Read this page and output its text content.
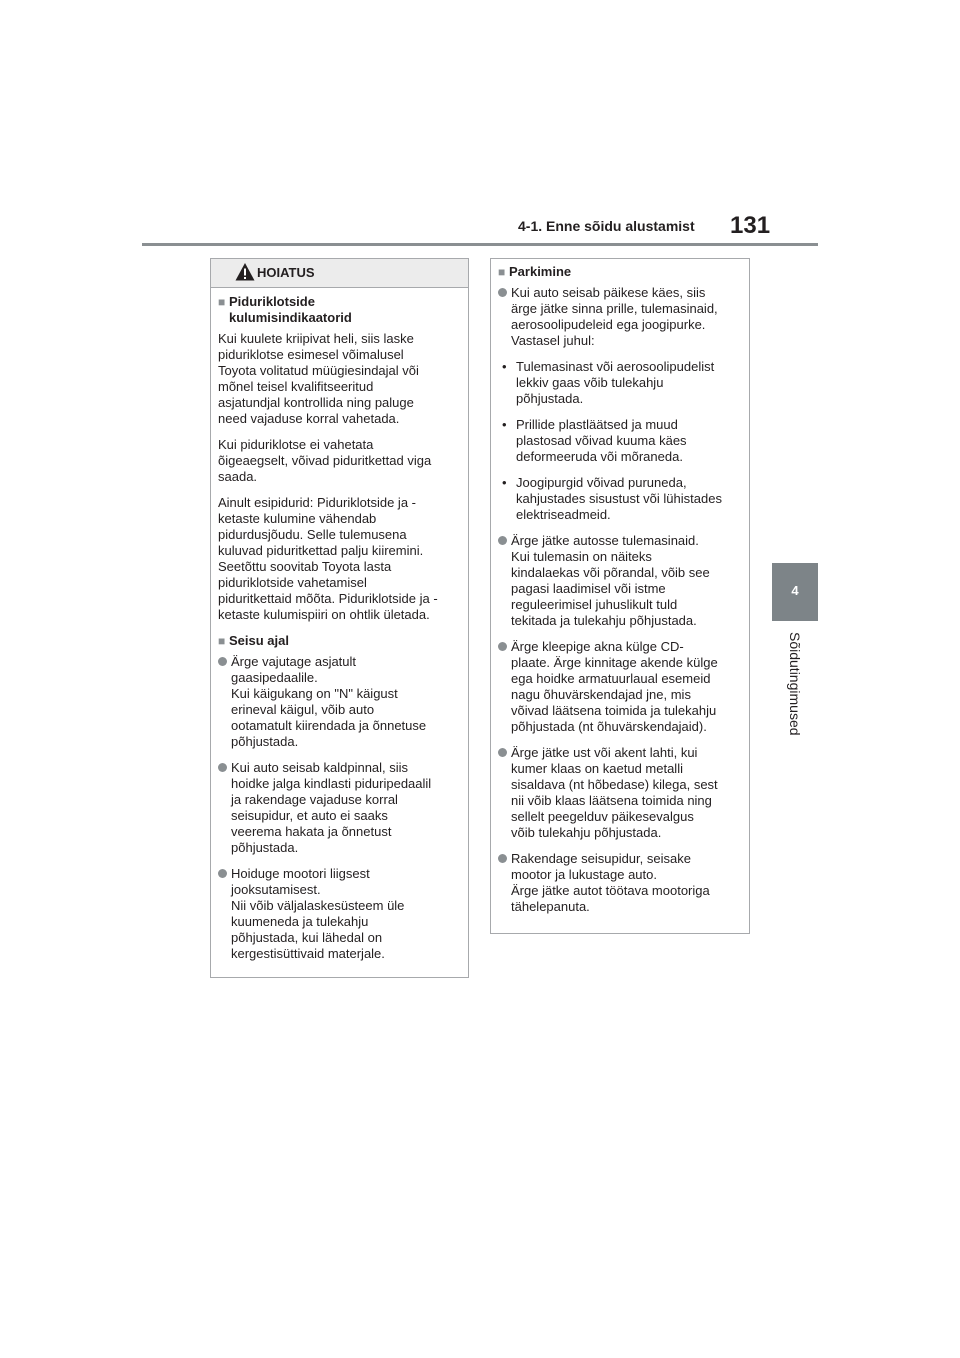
4-1. Enne sõidu alustamist 131
4
Sõidutingimused
HOIATUS
■ Piduriklotside
kulumisindikaatorid

Kui kuulete kriipivat heli, siis laske
piduriklotse esimesel võimalusel
Toyota volitatud müügiesindajal või
mõnel teisel kvalifitseeritud
asjatundjal kontrollida ning paluge
need vajaduse korral vahetada.

Kui piduriklotse ei vahetata
õigeaegselt, võivad piduritkettad viga
saada.

Ainult esipidurid: Piduriklotside ja -
ketaste kulumine vähendab
pidurdusjõudu. Selle tulemusena
kuluvad piduritkettad palju kiiremini.
Seetõttu soovitab Toyota lasta
piduriklotside vahetamisel
piduritkettaid mõõta. Piduriklotside ja -
ketaste kulumispiiri on ohtlik ületada.

■ Seisu ajal
Ärge vajutage asjatult
gaasipedaalile.
Kui käigukang on "N" käigust
erineval käigul, võib auto
ootamatult kiirendada ja õnnetuse
põhjustada.
Kui auto seisab kaldpinnal, siis
hoidke jalga kindlasti piduripedaalil
ja rakendage vajaduse korral
seisupidur, et auto ei saaks
veerema hakata ja õnnetust
põhjustada.
Hoiduge mootori liigsest
jooksutamisest.
Nii võib väljalaskesüsteem üle
kuumeneda ja tulekahju
põhjustada, kui lähedal on
kergestisüttivaid materjale.
■ Parkimine
Kui auto seisab päikese käes, siis
ärge jätke sinna prille, tulemasinaid,
aerosoolipudeleid ega joogipurke.
Vastasel juhul:
• Tulemasinast või aerosoolipudelist
lekkiv gaas võib tulekahju
põhjustada.
• Prillide plastläätsed ja muud
plastosad võivad kuuma käes
deformeeruda või mõraneda.
• Joogipurgid võivad puruneda,
kahjustades sisustust või lühistades
elektriseadmeid.
Ärge jätke autosse tulemasinaid.
Kui tulemasin on näiteks
kindalaekas või põrandal, võib see
pagasi laadimisel või istme
reguleerimisel juhuslikult tuld
tekitada ja tulekahju põhjustada.
Ärge kleepige akna külge CD-
plaate. Ärge kinnitage akende külge
ega hoidke armatuurlaual esemeid
nagu õhuvärskendajad jne, mis
võivad läätsena toimida ja tulekahju
põhjustada (nt õhuvärskendajaid).
Ärge jätke ust või akent lahti, kui
kumer klaas on kaetud metalli
sisaldava (nt hõbedase) kilega, sest
nii võib klaas läätsena toimida ning
sellelt peegelduv päikesevalgus
võib tulekahju põhjustada.
Rakendage seisupidur, seisake
mootor ja lukustage auto.
Ärge jätke autot töötava mootoriga
tähelepanuta.
